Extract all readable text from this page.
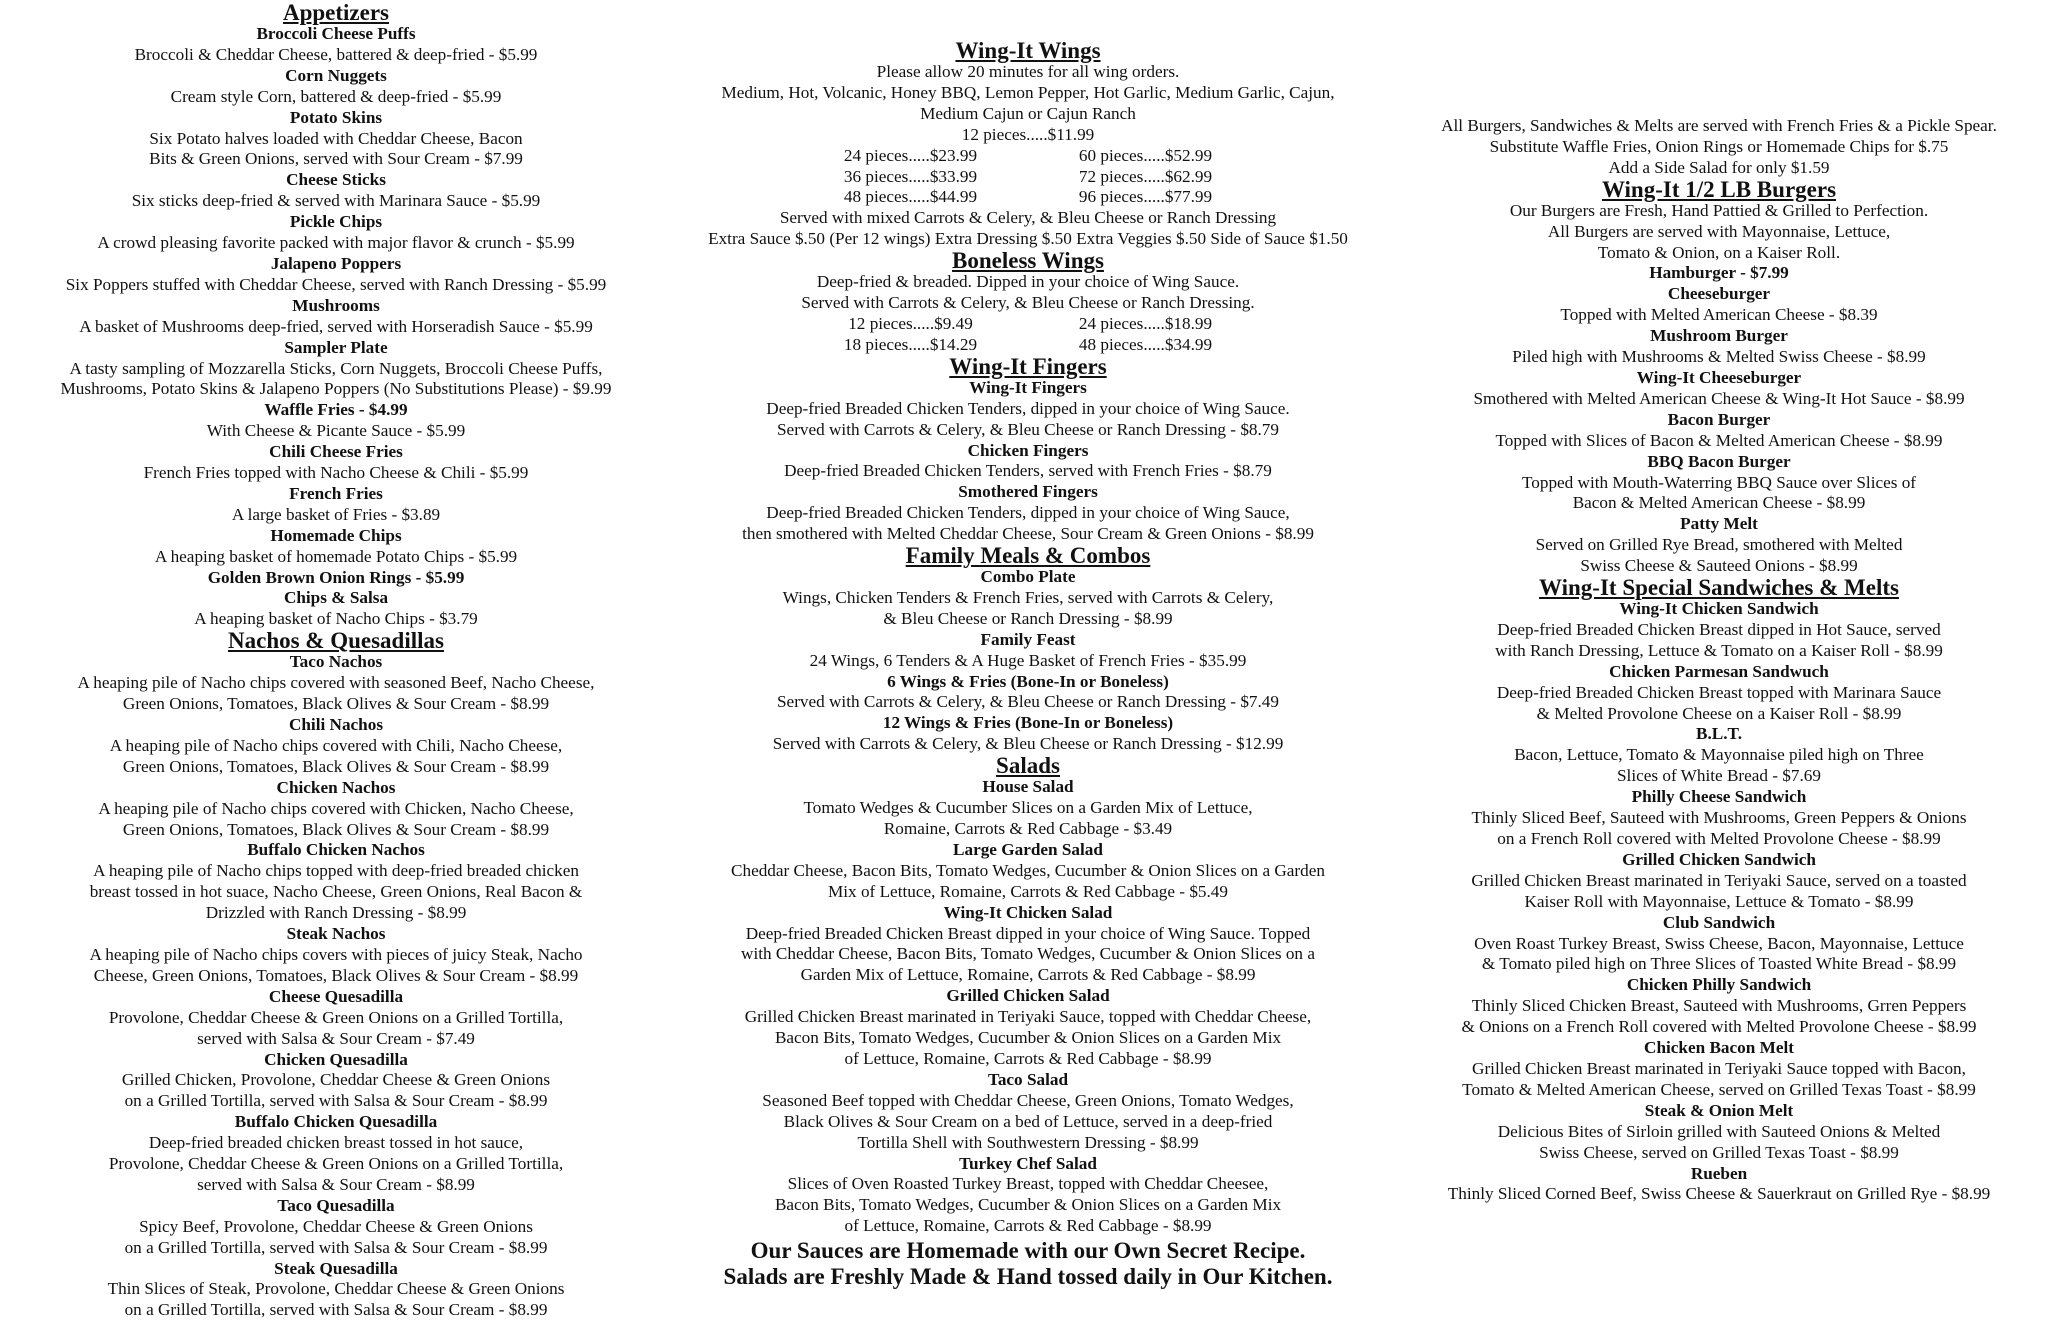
Appetizers
Broccoli Cheese Puffs
Broccoli & Cheddar Cheese, battered & deep-fried - $5.99
Corn Nuggets
Cream style Corn, battered & deep-fried - $5.99
Potato Skins
Six Potato halves loaded with Cheddar Cheese, Bacon
Bits & Green Onions, served with Sour Cream - $7.99
Cheese Sticks
Six sticks deep-fried & served with Marinara Sauce - $5.99
Pickle Chips
A crowd pleasing favorite packed with major flavor & crunch - $5.99
Jalapeno Poppers
Six Poppers stuffed with Cheddar Cheese, served with Ranch Dressing - $5.99
Mushrooms
A basket of Mushrooms deep-fried, served with Horseradish Sauce - $5.99
Sampler Plate
A tasty sampling of Mozzarella Sticks, Corn Nuggets, Broccoli Cheese Puffs,
Mushrooms, Potato Skins & Jalapeno Poppers (No Substitutions Please) - $9.99
Waffle Fries - $4.99
With Cheese & Picante Sauce - $5.99
Chili Cheese Fries
French Fries topped with Nacho Cheese & Chili - $5.99
French Fries
A large basket of Fries - $3.89
Homemade Chips
A heaping basket of homemade Potato Chips - $5.99
Golden Brown Onion Rings - $5.99
Chips & Salsa
A heaping basket of Nacho Chips - $3.79
Nachos & Quesadillas
Taco Nachos
A heaping pile of Nacho chips covered with seasoned Beef, Nacho Cheese,
Green Onions, Tomatoes, Black Olives & Sour Cream - $8.99
Chili Nachos
A heaping pile of Nacho chips covered with Chili, Nacho Cheese,
Green Onions, Tomatoes, Black Olives & Sour Cream - $8.99
Chicken Nachos
A heaping pile of Nacho chips covered with Chicken, Nacho Cheese,
Green Onions, Tomatoes, Black Olives & Sour Cream - $8.99
Buffalo Chicken Nachos
A heaping pile of Nacho chips topped with deep-fried breaded chicken
breast tossed in hot suace, Nacho Cheese, Green Onions, Real Bacon &
Drizzled with Ranch Dressing - $8.99
Steak Nachos
A heaping pile of Nacho chips covers with pieces of juicy Steak, Nacho
Cheese, Green Onions, Tomatoes, Black Olives & Sour Cream - $8.99
Cheese Quesadilla
Provolone, Cheddar Cheese & Green Onions on a Grilled Tortilla,
served with Salsa & Sour Cream - $7.49
Chicken Quesadilla
Grilled Chicken, Provolone, Cheddar Cheese & Green Onions
on a Grilled Tortilla, served with Salsa & Sour Cream - $8.99
Buffalo Chicken Quesadilla
Deep-fried breaded chicken breast tossed in hot sauce,
Provolone, Cheddar Cheese & Green Onions on a Grilled Tortilla,
served with Salsa & Sour Cream - $8.99
Taco Quesadilla
Spicy Beef, Provolone, Cheddar Cheese & Green Onions
on a Grilled Tortilla, served with Salsa & Sour Cream - $8.99
Steak Quesadilla
Thin Slices of Steak, Provolone, Cheddar Cheese & Green Onions
on a Grilled Tortilla, served with Salsa & Sour Cream - $8.99
Wing-It Wings
Please allow 20 minutes for all wing orders.
Medium, Hot, Volcanic, Honey BBQ, Lemon Pepper, Hot Garlic, Medium Garlic, Cajun,
Medium Cajun or Cajun Ranch
12 pieces.....$11.99
24 pieces.....$23.99	60 pieces.....$52.99
36 pieces.....$33.99	72 pieces.....$62.99
48 pieces.....$44.99	96 pieces.....$77.99
Served with mixed Carrots & Celery, & Bleu Cheese or Ranch Dressing
Extra Sauce $.50 (Per 12 wings) Extra Dressing $.50 Extra Veggies $.50 Side of Sauce $1.50
Boneless Wings
Deep-fried & breaded. Dipped in your choice of Wing Sauce.
Served with Carrots & Celery, & Bleu Cheese or Ranch Dressing.
12 pieces.....$9.49	24 pieces.....$18.99
18 pieces.....$14.29	48 pieces.....$34.99
Wing-It Fingers
Wing-It Fingers
Deep-fried Breaded Chicken Tenders, dipped in your choice of Wing Sauce.
Served with Carrots & Celery, & Bleu Cheese or Ranch Dressing - $8.79
Chicken Fingers
Deep-fried Breaded Chicken Tenders, served with French Fries - $8.79
Smothered Fingers
Deep-fried Breaded Chicken Tenders, dipped in your choice of Wing Sauce,
then smothered with Melted Cheddar Cheese, Sour Cream & Green Onions - $8.99
Family Meals & Combos
Combo Plate
Wings, Chicken Tenders & French Fries, served with Carrots & Celery,
& Bleu Cheese or Ranch Dressing - $8.99
Family Feast
24 Wings, 6 Tenders & A Huge Basket of French Fries - $35.99
6 Wings & Fries (Bone-In or Boneless)
Served with Carrots & Celery, & Bleu Cheese or Ranch Dressing - $7.49
12 Wings & Fries (Bone-In or Boneless)
Served with Carrots & Celery, & Bleu Cheese or Ranch Dressing - $12.99
Salads
House Salad
Tomato Wedges & Cucumber Slices on a Garden Mix of Lettuce,
Romaine, Carrots & Red Cabbage - $3.49
Large Garden Salad
Cheddar Cheese, Bacon Bits, Tomato Wedges, Cucumber & Onion Slices on a Garden
Mix of Lettuce, Romaine, Carrots & Red Cabbage - $5.49
Wing-It Chicken Salad
Deep-fried Breaded Chicken Breast dipped in your choice of Wing Sauce. Topped
with Cheddar Cheese, Bacon Bits, Tomato Wedges, Cucumber & Onion Slices on a
Garden Mix of Lettuce, Romaine, Carrots & Red Cabbage - $8.99
Grilled Chicken Salad
Grilled Chicken Breast marinated in Teriyaki Sauce, topped with Cheddar Cheese,
Bacon Bits, Tomato Wedges, Cucumber & Onion Slices on a Garden Mix
of Lettuce, Romaine, Carrots & Red Cabbage - $8.99
Taco Salad
Seasoned Beef topped with Cheddar Cheese, Green Onions, Tomato Wedges,
Black Olives & Sour Cream on a bed of Lettuce, served in a deep-fried
Tortilla Shell with Southwestern Dressing - $8.99
Turkey Chef Salad
Slices of Oven Roasted Turkey Breast, topped with Cheddar Cheesee,
Bacon Bits, Tomato Wedges, Cucumber & Onion Slices on a Garden Mix
of Lettuce, Romaine, Carrots & Red Cabbage - $8.99
Our Sauces are Homemade with our Own Secret Recipe.
Salads are Freshly Made & Hand tossed daily in Our Kitchen.
All Burgers, Sandwiches & Melts are served with French Fries & a Pickle Spear.
Substitute Waffle Fries, Onion Rings or Homemade Chips for $.75
Add a Side Salad for only $1.59
Wing-It 1/2 LB Burgers
Our Burgers are Fresh, Hand Pattied & Grilled to Perfection.
All Burgers are served with Mayonnaise, Lettuce,
Tomato & Onion, on a Kaiser Roll.
Hamburger - $7.99
Cheeseburger
Topped with Melted American Cheese - $8.39
Mushroom Burger
Piled high with Mushrooms & Melted Swiss Cheese - $8.99
Wing-It Cheeseburger
Smothered with Melted American Cheese & Wing-It Hot Sauce - $8.99
Bacon Burger
Topped with Slices of Bacon & Melted American Cheese - $8.99
BBQ Bacon Burger
Topped with Mouth-Waterring BBQ Sauce over Slices of
Bacon & Melted American Cheese - $8.99
Patty Melt
Served on Grilled Rye Bread, smothered with Melted
Swiss Cheese & Sauteed Onions - $8.99
Wing-It Special Sandwiches & Melts
Wing-It Chicken Sandwich
Deep-fried Breaded Chicken Breast dipped in Hot Sauce, served
with Ranch Dressing, Lettuce & Tomato on a Kaiser Roll - $8.99
Chicken Parmesan Sandwuch
Deep-fried Breaded Chicken Breast topped with Marinara Sauce
& Melted Provolone Cheese on a Kaiser Roll - $8.99
B.L.T.
Bacon, Lettuce, Tomato & Mayonnaise piled high on Three
Slices of White Bread - $7.69
Philly Cheese Sandwich
Thinly Sliced Beef, Sauteed with Mushrooms, Green Peppers & Onions
on a French Roll covered with Melted Provolone Cheese - $8.99
Grilled Chicken Sandwich
Grilled Chicken Breast marinated in Teriyaki Sauce, served on a toasted
Kaiser Roll with Mayonnaise, Lettuce & Tomato - $8.99
Club Sandwich
Oven Roast Turkey Breast, Swiss Cheese, Bacon, Mayonnaise, Lettuce
& Tomato piled high on Three Slices of Toasted White Bread - $8.99
Chicken Philly Sandwich
Thinly Sliced Chicken Breast, Sauteed with Mushrooms, Grren Peppers
& Onions on a French Roll covered with Melted Provolone Cheese - $8.99
Chicken Bacon Melt
Grilled Chicken Breast marinated in Teriyaki Sauce topped with Bacon,
Tomato & Melted American Cheese, served on Grilled Texas Toast - $8.99
Steak & Onion Melt
Delicious Bites of Sirloin grilled with Sauteed Onions & Melted
Swiss Cheese, served on Grilled Texas Toast - $8.99
Rueben
Thinly Sliced Corned Beef, Swiss Cheese & Sauerkraut on Grilled Rye - $8.99
